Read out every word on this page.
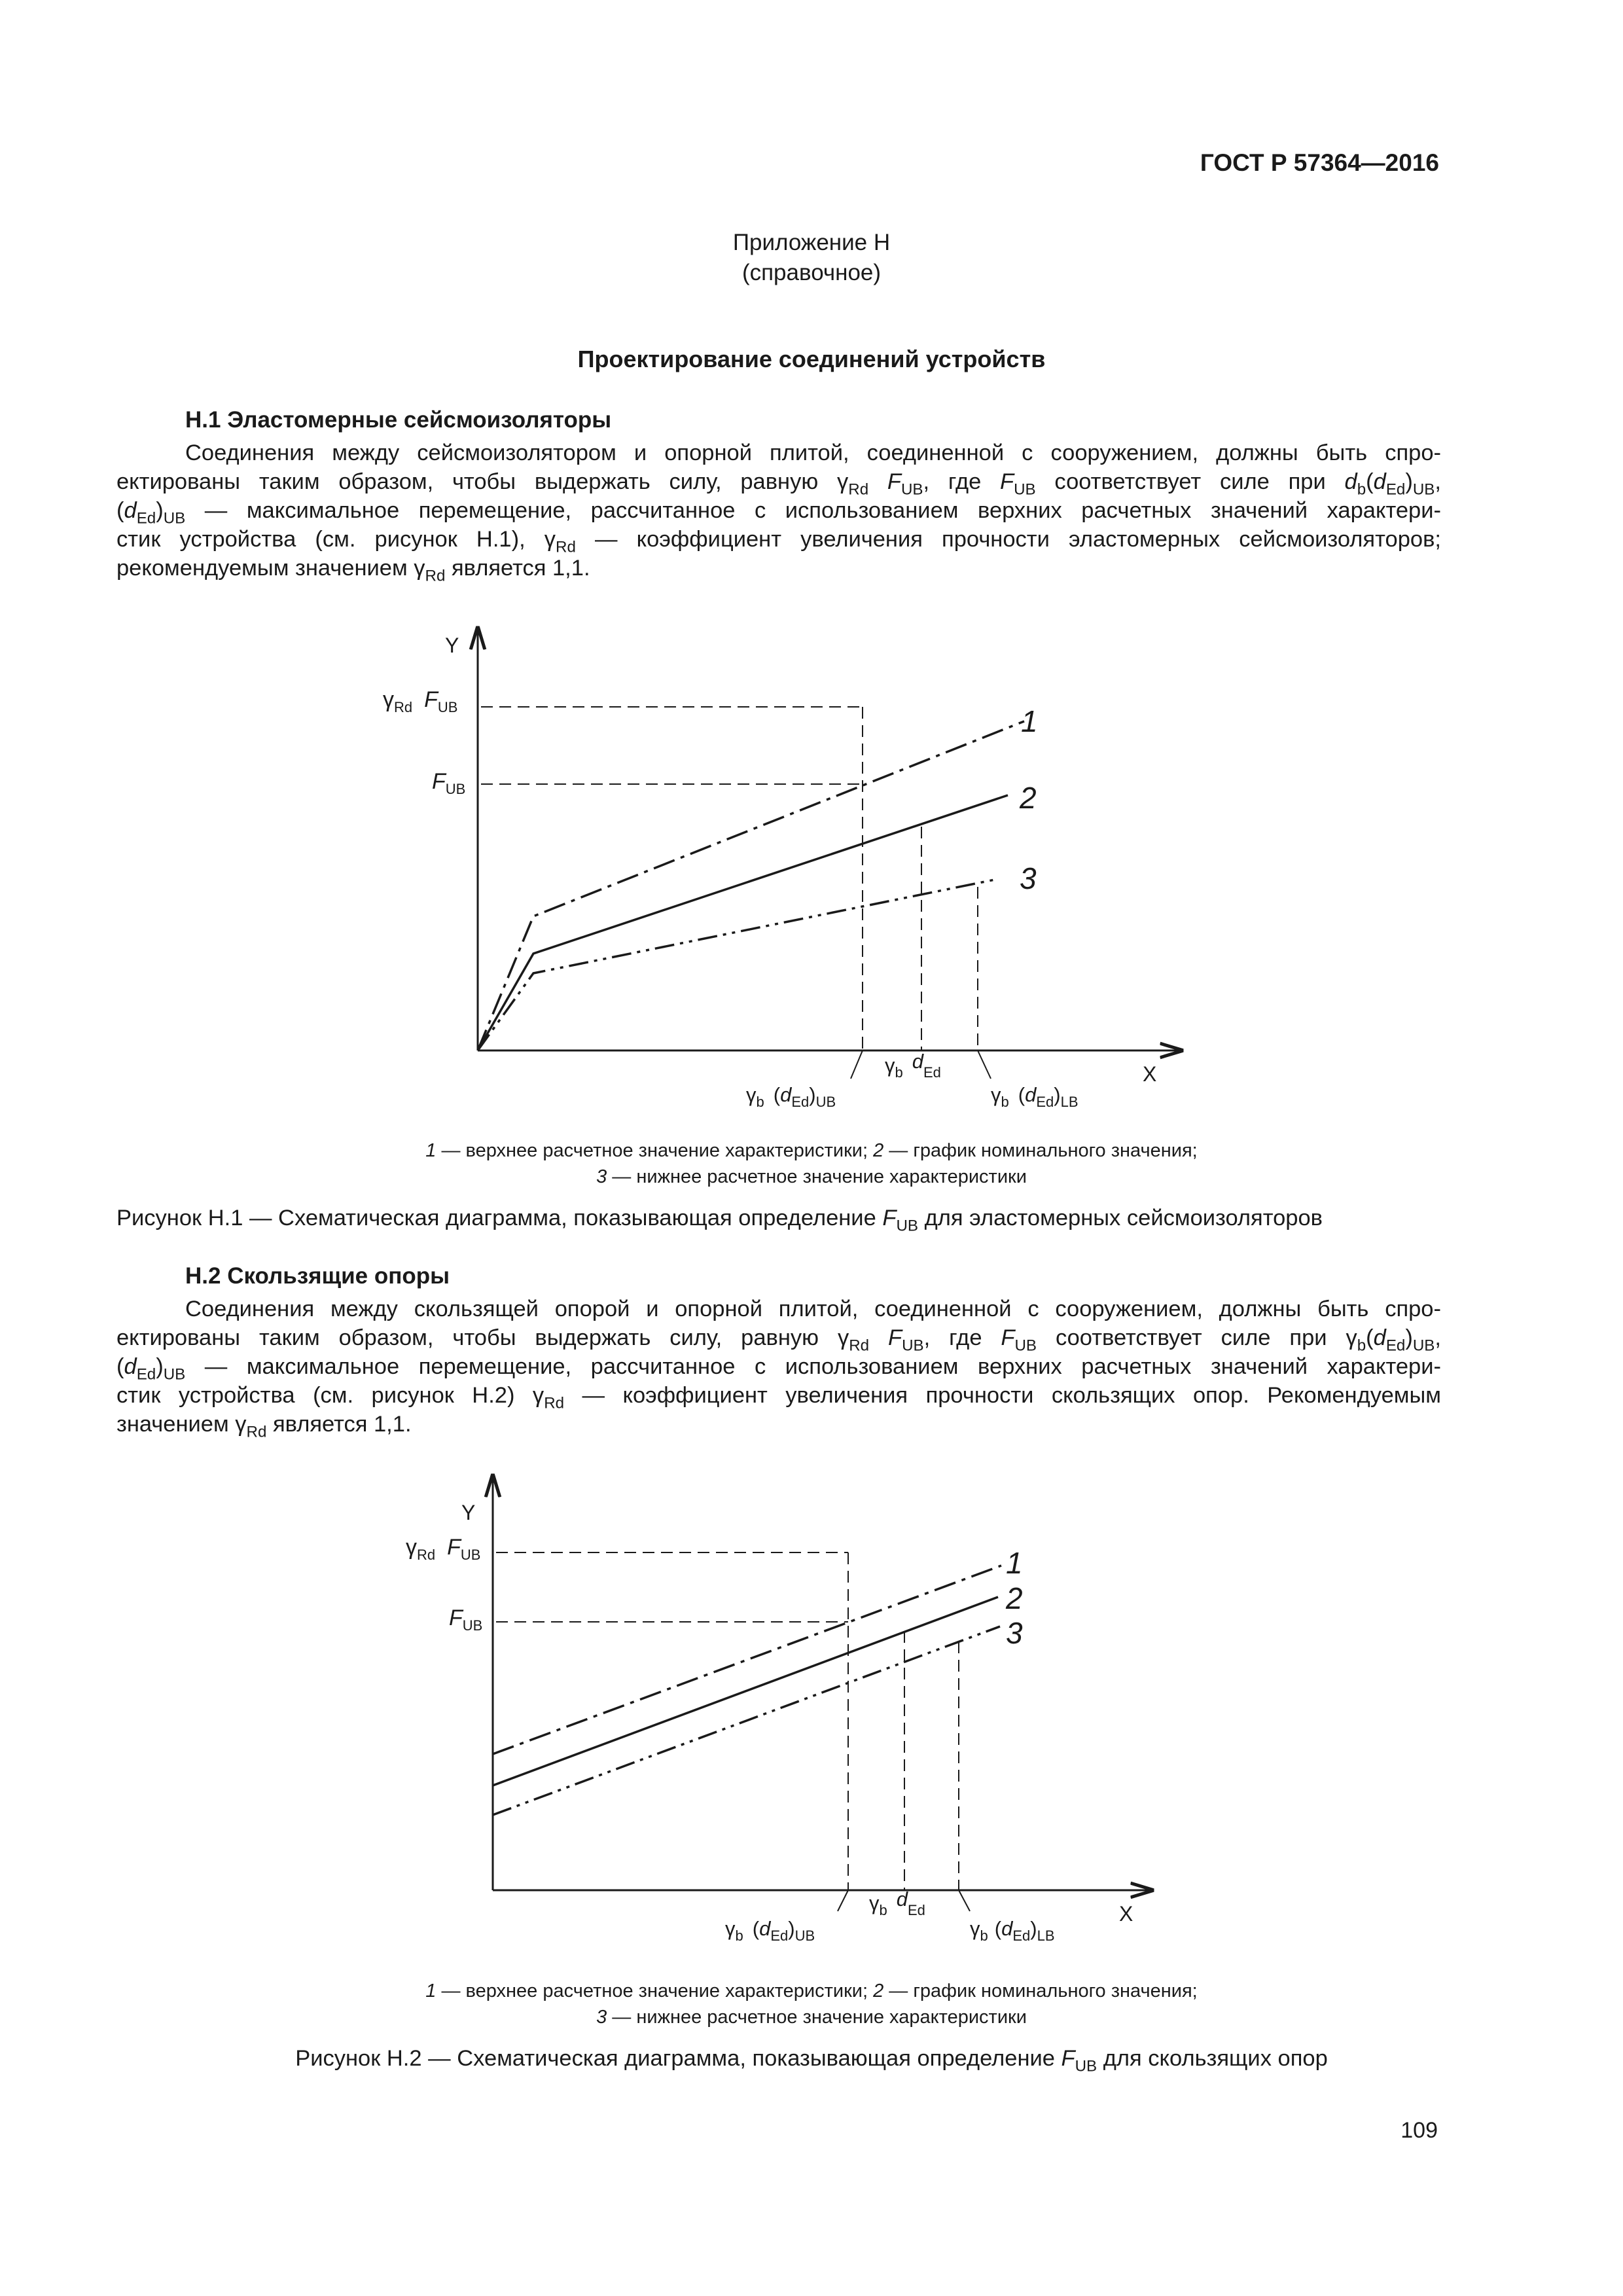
ГОСТ Р 57364—2016
Приложение Н
(справочное)
Проектирование соединений устройств
Н.1 Эластомерные сейсмоизоляторы
Соединения между сейсмоизолятором и опорной плитой, соединенной с сооружением, должны быть спро-
ектированы таким образом, чтобы выдержать силу, равную $\gamma_{Rd}$ $F_{UB}$, где $F_{UB}$ соответствует силе при $d_b(d_{Ed})_{UB}$,
$(d_{Ed})_{UB}$ — максимальное перемещение, рассчитанное с использованием верхних расчетных значений характери-
стик устройства (см. рисунок Н.1), $\gamma_{Rd}$ — коэффициент увеличения прочности эластомерных сейсмоизоляторов;
рекомендуемым значением $\gamma_{Rd}$ является 1,1.
Y
X
$\gamma_{Rd}$ $F_{UB}$
$F_{UB}$
1
2
3
$\gamma_b$ $(d_{Ed})_{UB}$
$\gamma_b$ $d_{Ed}$
$\gamma_b$ $(d_{Ed})_{LB}$
1 — верхнее расчетное значение характеристики; 2 — график номинального значения;
3 — нижнее расчетное значение характеристики
Рисунок Н.1 — Схематическая диаграмма, показывающая определение $F_{UB}$ для эластомерных сейсмоизоляторов
Н.2 Скользящие опоры
Соединения между скользящей опорой и опорной плитой, соединенной с сооружением, должны быть спро-
ектированы таким образом, чтобы выдержать силу, равную $\gamma_{Rd}$ $F_{UB}$, где $F_{UB}$ соответствует силе при $\gamma_b(d_{Ed})_{UB}$,
$(d_{Ed})_{UB}$ — максимальное перемещение, рассчитанное с использованием верхних расчетных значений характери-
стик устройства (см. рисунок Н.2) $\gamma_{Rd}$ — коэффициент увеличения прочности скользящих опор. Рекомендуемым
значением $\gamma_{Rd}$ является 1,1.
Y
X
$\gamma_{Rd}$ $F_{UB}$
$F_{UB}$
1
2
3
$\gamma_b$ $(d_{Ed})_{UB}$
$\gamma_b$ $d_{Ed}$
$\gamma_b$ $(d_{Ed})_{LB}$
1 — верхнее расчетное значение характеристики; 2 — график номинального значения;
3 — нижнее расчетное значение характеристики
Рисунок Н.2 — Схематическая диаграмма, показывающая определение $F_{UB}$ для скользящих опор
109
